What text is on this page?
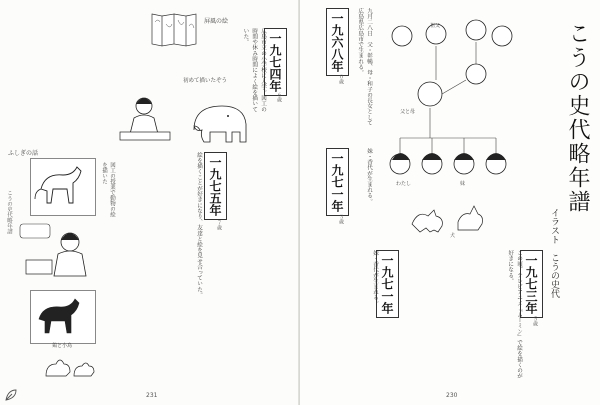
一九七四年
６歳
広島市立の小学校に入学。図工の時間や休み時間によく絵を描いていた。
屏風の絵
初めて描いたぞう
ふしぎの話
図工の授業で動物の絵を描いた
鶏と小鳥
一九七五年
７歳
絵を描くことが好きになり、友達と絵を見せ合っていた。
こうの史代略年譜
231
こうの史代略年譜
イラスト　こうの史代
一九六八年
０歳	九月二八日　父・彰暢、母・和子の長女として広島県広島市で生まれる。	祖父
父と母
わたし	妹
一九七一年
３歳
妹・香代が生まれる。
犬
一九七三年
５歳
この頃、テレビアニメ『ムーミン』で絵を描くのが好きになる。
一九七一年
妹・香代が生まれる。
230
